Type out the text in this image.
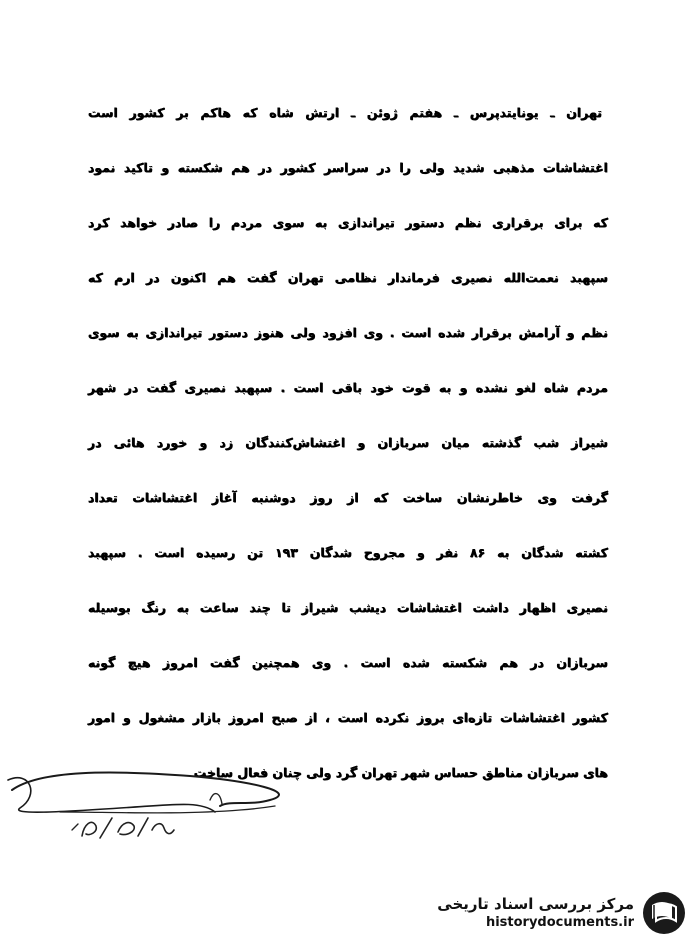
تهران ـ یونایتدپرس ـ هفتم ژوئن ـ ارتش شاه که هاکم بر کشور است
اغتشاشات مذهبی شدید ولی را در سراسر کشور در هم شکسته و تاکید نمود
که برای برقراری نظم دستور تیراندازی به سوی مردم را صادر خواهد کرد
سپهبد نعمت‌الله نصیری فرماندار نظامی تهران گفت هم اکنون در ارم که
نظم و آرامش برقرار شده است . وی افزود ولی هنوز دستور تیراندازی به سوی
مردم شاه لغو نشده و به قوت خود باقی است . سپهبد نصیری گفت در شهر
شیراز شب گذشته میان سربازان و اغتشاش‌کنندگان زد و خورد هائی در
گرفت وی خاطرنشان ساخت که از روز دوشنبه آغاز اغتشاشات تعداد
کشته شدگان به ۸۶ نفر و مجروح شدگان ۱۹۳ تن رسیده است . سپهبد
نصیری اظهار داشت اغتشاشات دیشب شیراز تا چند ساعت به رنگ بوسیله
سربازان در هم شکسته شده است . وی همچنین گفت امروز هیچ گونه
کشور اغتشاشات تازه‌ای بروز نکرده است ، از صبح امروز بازار مشغول و امور
های سربازان مناطق حساس شهر تهران گرد ولی چنان فعال ساخت
مرکز بررسی اسناد تاریخی
historydocuments.ir
